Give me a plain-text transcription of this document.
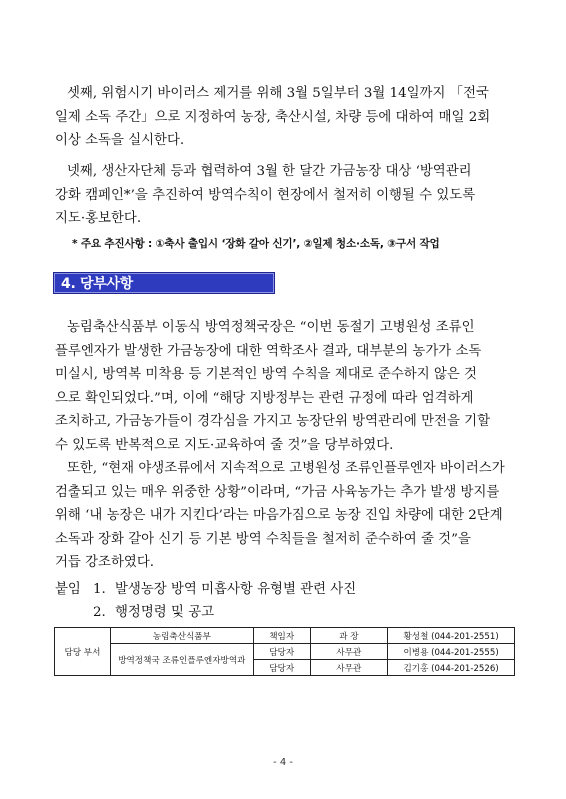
셋째, 위험시기 바이러스 제거를 위해 3월 5일부터 3월 14일까지 「전국
일제 소독 주간」으로 지정하여 농장, 축산시설, 차량 등에 대하여 매일 2회
이상 소독을 실시한다.

넷째, 생산자단체 등과 협력하여 3월 한 달간 가금농장 대상 ‘방역관리
강화 캠페인*’을 추진하여 방역수칙이 현장에서 철저히 이행될 수 있도록
지도·홍보한다.

* 주요 추진사항 : ①축사 출입시 ‘장화 갈아 신기’, ②일제 청소·소독, ③구서 작업
4. 당부사항

농림축산식품부 이동식 방역정책국장은 “이번 동절기 고병원성 조류인
플루엔자가 발생한 가금농장에 대한 역학조사 결과, 대부분의 농가가 소독
미실시, 방역복 미착용 등 기본적인 방역 수칙을 제대로 준수하지 않은 것
으로 확인되었다.”며, 이에 “해당 지방정부는 관련 규정에 따라 엄격하게
조치하고, 가금농가들이 경각심을 가지고 농장단위 방역관리에 만전을 기할
수 있도록 반복적으로 지도·교육하여 줄 것”을 당부하였다.

또한, “현재 야생조류에서 지속적으로 고병원성 조류인플루엔자 바이러스가
검출되고 있는 매우 위중한 상황”이라며, “가금 사육농가는 추가 발생 방지를
위해 ‘내 농장은 내가 지킨다’라는 마음가짐으로 농장 진입 차량에 대한 2단계
소독과 장화 갈아 신기 등 기본 방역 수칙들을 철저히 준수하여 줄 것”을
거듭 강조하였다.

붙임 1. 발생농장 방역 미흡사항 유형별 관련 사진
2. 행정명령 및 공고
담당 부서	농림축산식품부	책임자	과 장	황성철 (044-201-2551)
	방역정책국 조류인플루엔자방역과	담당자	사무관	이병용 (044-201-2555)
		담당자	사무관	김기홍 (044-201-2526)
- 4 -
